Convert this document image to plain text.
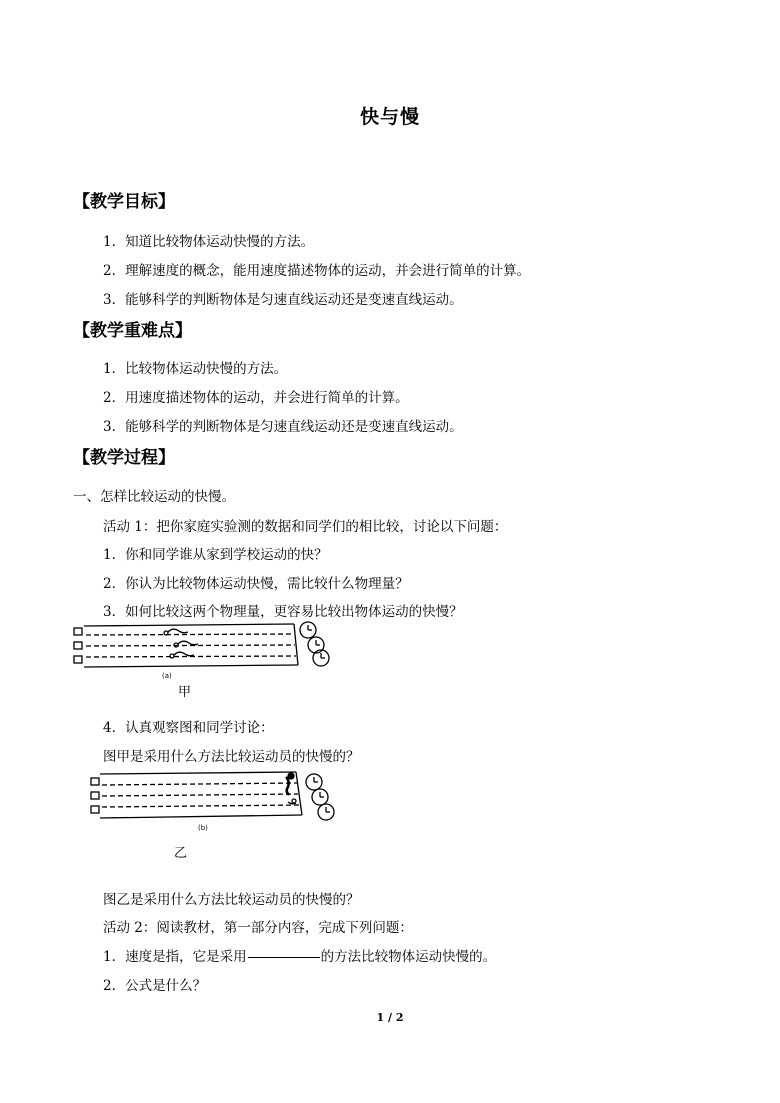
快与慢
【教学目标】
1．知道比较物体运动快慢的方法。
2．理解速度的概念，能用速度描述物体的运动，并会进行简单的计算。
3．能够科学的判断物体是匀速直线运动还是变速直线运动。
【教学重难点】
1．比较物体运动快慢的方法。
2．用速度描述物体的运动，并会进行简单的计算。
3．能够科学的判断物体是匀速直线运动还是变速直线运动。
【教学过程】
一、怎样比较运动的快慢。
活动 1：把你家庭实验测的数据和同学们的相比较，讨论以下问题：
1．你和同学谁从家到学校运动的快？
2．你认为比较物体运动快慢，需比较什么物理量？
3．如何比较这两个物理量，更容易比较出物体运动的快慢？
(a)
甲
4．认真观察图和同学讨论：
图甲是采用什么方法比较运动员的快慢的？
(b)
乙
图乙是采用什么方法比较运动员的快慢的？
活动 2：阅读教材，第一部分内容，完成下列问题：
1．速度是指，它是采用	的方法比较物体运动快慢的。
2．公式是什么？
1 / 2
